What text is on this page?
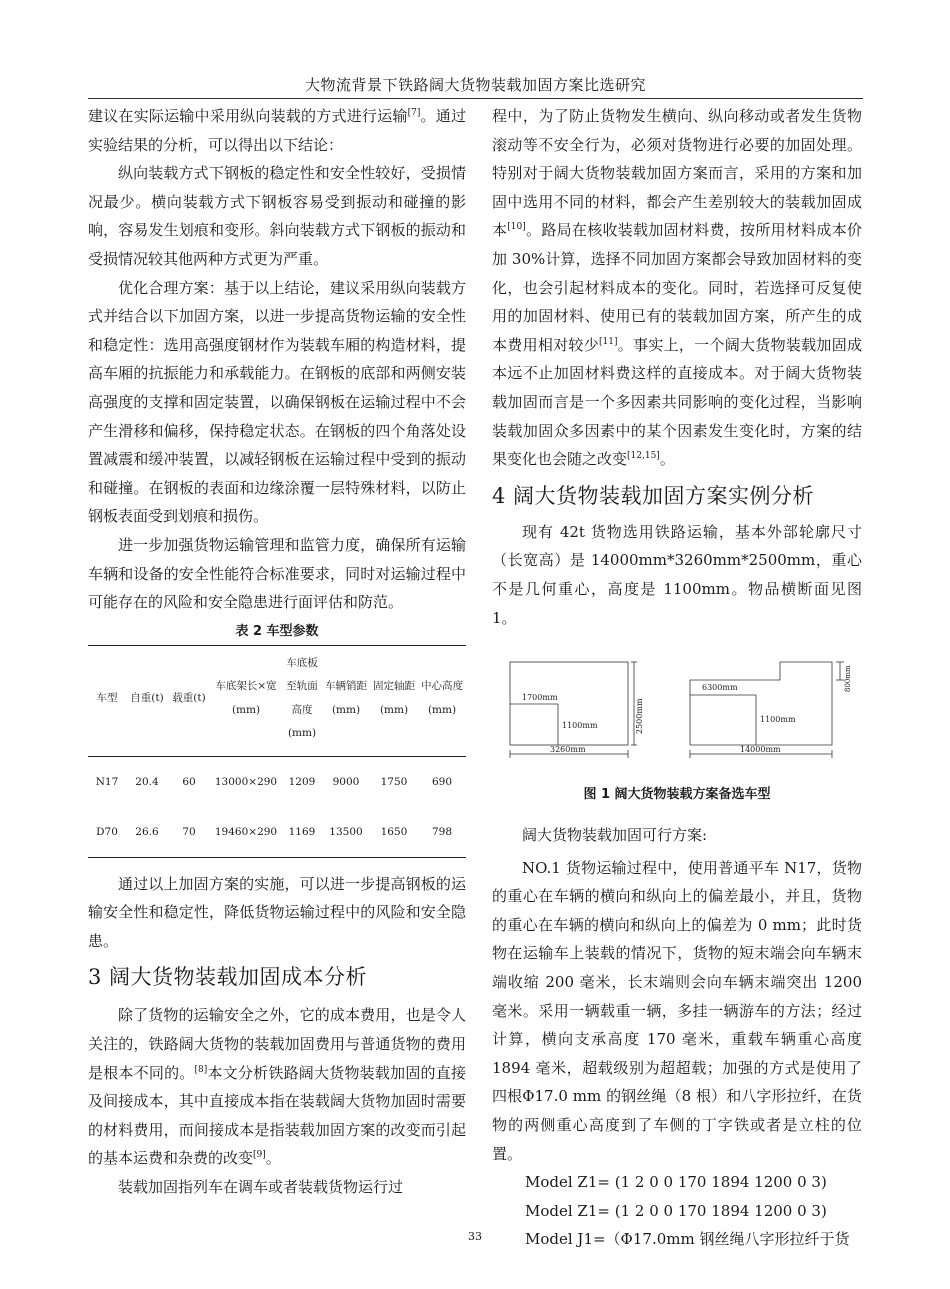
大物流背景下铁路阔大货物装载加固方案比选研究

建议在实际运输中采用纵向装载的方式进行运输[7]。通过实验结果的分析，可以得出以下结论：

纵向装载方式下钢板的稳定性和安全性较好，受损情况最少。横向装载方式下钢板容易受到振动和碰撞的影响，容易发生划痕和变形。斜向装载方式下钢板的振动和受损情况较其他两种方式更为严重。

优化合理方案：基于以上结论，建议采用纵向装载方式并结合以下加固方案，以进一步提高货物运输的安全性和稳定性：选用高强度钢材作为装载车厢的构造材料，提高车厢的抗振能力和承载能力。在钢板的底部和两侧安装高强度的支撑和固定装置，以确保钢板在运输过程中不会产生滑移和偏移，保持稳定状态。在钢板的四个角落处设置减震和缓冲装置，以减轻钢板在运输过程中受到的振动和碰撞。在钢板的表面和边缘涂覆一层特殊材料，以防止钢板表面受到划痕和损伤。

进一步加强货物运输管理和监管力度，确保所有运输车辆和设备的安全性能符合标准要求，同时对运输过程中可能存在的风险和安全隐患进行面评估和防范。

表 2 车型参数
车型	自重(t)	载重(t)	车底架长×宽(mm)	车底板至轨面高度(mm)	车辆销距(mm)	固定轴距(mm)	中心高度(mm)
N17	20.4	60	13000×290	1209	9000	1750	690
D70	26.6	70	19460×290	1169	13500	1650	798

通过以上加固方案的实施，可以进一步提高钢板的运输安全性和稳定性，降低货物运输过程中的风险和安全隐患。

3 阔大货物装载加固成本分析

除了货物的运输安全之外，它的成本费用，也是令人关注的，铁路阔大货物的装载加固费用与普通货物的费用是根本不同的。[8]本文分析铁路阔大货物装载加固的直接及间接成本，其中直接成本指在装载阔大货物加固时需要的材料费用，而间接成本是指装载加固方案的改变而引起的基本运费和杂费的改变[9]。

装载加固指列车在调车或者装载货物运行过

程中，为了防止货物发生横向、纵向移动或者发生货物滚动等不安全行为，必须对货物进行必要的加固处理。特别对于阔大货物装载加固方案而言，采用的方案和加固中选用不同的材料，都会产生差别较大的装载加固成本[10]。路局在核收装载加固材料费，按所用材料成本价加 30%计算，选择不同加固方案都会导致加固材料的变化，也会引起材料成本的变化。同时，若选择可反复使用的加固材料、使用已有的装载加固方案，所产生的成本费用相对较少[11]。事实上，一个阔大货物装载加固成本远不止加固材料费这样的直接成本。对于阔大货物装载加固而言是一个多因素共同影响的变化过程，当影响装载加固众多因素中的某个因素发生变化时，方案的结果变化也会随之改变[12,15]。

4 阔大货物装载加固方案实例分析

现有 42t 货物选用铁路运输，基本外部轮廓尺寸（长宽高）是 14000mm*3260mm*2500mm，重心不是几何重心，高度是 1100mm。物品横断面见图 1。

1700mm
1100mm
3260mm
2500mm
6300mm
1100mm
14000mm
800mm
图 1 阔大货物装载方案备选车型

阔大货物装载加固可行方案:

NO.1 货物运输过程中，使用普通平车 N17，货物的重心在车辆的横向和纵向上的偏差最小，并且，货物的重心在车辆的横向和纵向上的偏差为 0 mm；此时货物在运输车上装载的情况下，货物的短末端会向车辆末端收缩 200 毫米，长末端则会向车辆末端突出 1200 毫米。采用一辆载重一辆，多挂一辆游车的方法；经过计算，横向支承高度 170 毫米，重载车辆重心高度 1894 毫米，超载级别为超超载；加强的方式是使用了四根Φ17.0 mm 的钢丝绳（8 根）和八字形拉纤，在货物的两侧重心高度到了车侧的丁字铁或者是立柱的位置。

Model Z1= (1 2 0 0 170 1894 1200 0 3)

Model Z1= (1 2 0 0 170 1894 1200 0 3)

Model J1=（Φ17.0mm 钢丝绳八字形拉纤于货

33
